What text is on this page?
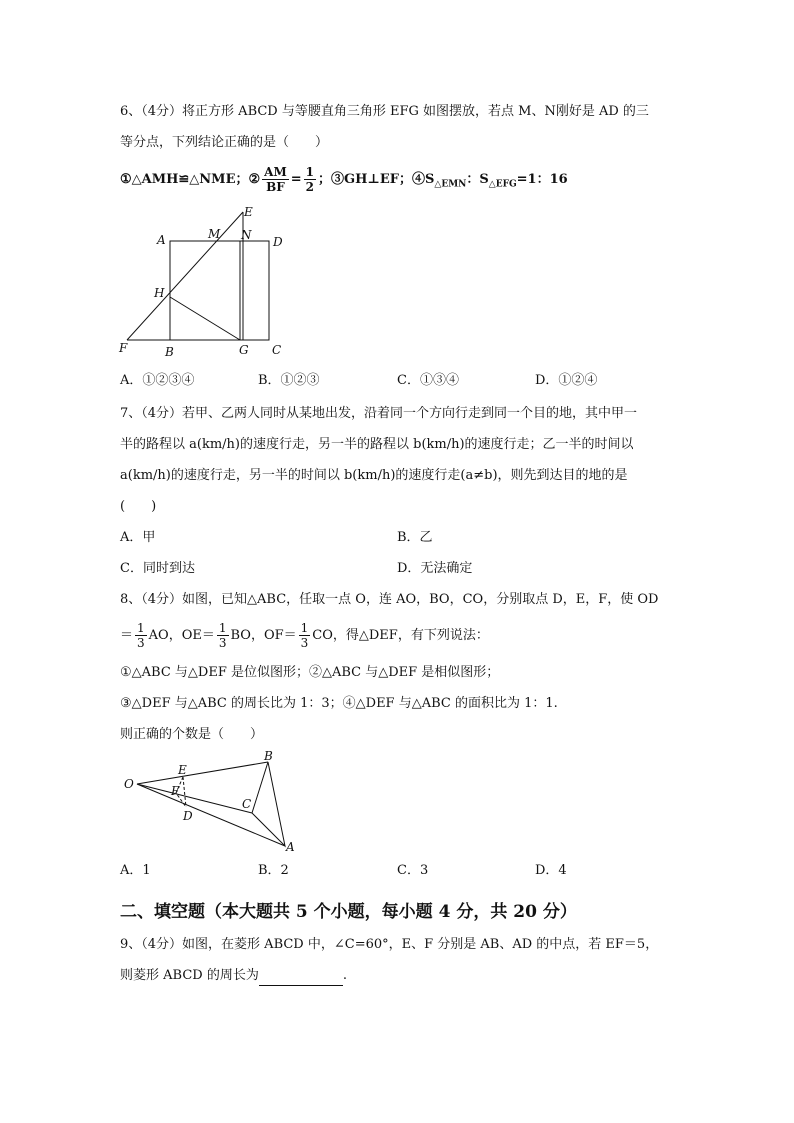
6、（4分）将正方形 ABCD 与等腰直角三角形 EFG 如图摆放，若点 M、N刚好是 AD 的三
等分点，下列结论正确的是（　　）
①△AMH≌△NME；② $\frac{AM}{BF} = \frac{1}{2}$ ；③GH⊥EF；$④S_{\triangle EMN}$：$S_{\triangle EFG}=1$：16
E
A	M N D
H
F	B	G C
A．①②③④	B．①②③	C．①③④	D．①②④
7、（4分）若甲、乙两人同时从某地出发，沿着同一个方向行走到同一个目的地，其中甲一
半的路程以 a(km/h)的速度行走，另一半的路程以 b(km/h)的速度行走；乙一半的时间以
a(km/h)的速度行走，另一半的时间以 b(km/h)的速度行走(a≠b)，则先到达目的地的是
(　　)
A．甲	B．乙
C．同时到达	D．无法确定
8、（4分）如图，已知△ABC，任取一点 O，连 AO，BO，CO，分别取点 D，E，F，使 OD
＝ $\frac{1}{3}$ AO，$OE= \frac{1}{3}$ BO，$OF= \frac{1}{3}$ CO，得△DEF，有下列说法：
①△ABC 与△DEF 是位似图形；②△ABC 与△DEF 是相似图形；
③△DEF 与△ABC 的周长比为 1：3；④△DEF 与△ABC 的面积比为 1：1.
则正确的个数是（　　）
O
E
B
F
C
D
A
A．1	B．2	C．3	D．4
二、填空题（本大题共 5 个小题，每小题 4 分，共 20 分）
9、（4分）如图，在菱形 ABCD 中，∠C=60°，E、F 分别是 AB、AD 的中点，若 EF＝5，
则菱形 ABCD 的周长为	.
